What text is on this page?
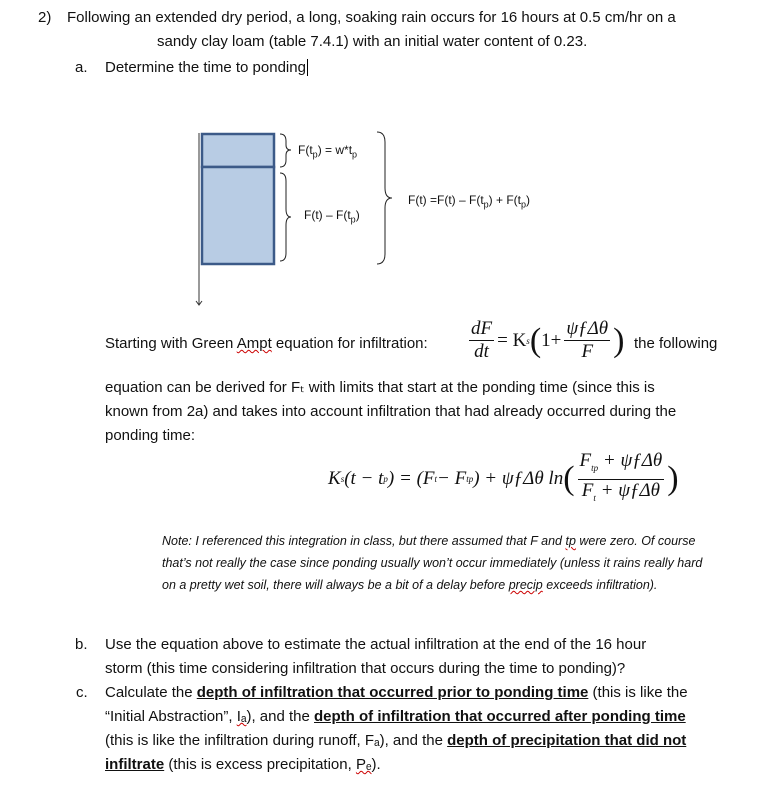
2) Following an extended dry period, a long, soaking rain occurs for 16 hours at 0.5 cm/hr on a
sandy clay loam (table 7.4.1) with an initial water content of 0.23.
a. Determine the time to ponding
$F(t_p) = w*t_p$
$F(t) - F(t_p)$
$F(t) =F(t) - F(t_p) + F(t_p)$
Starting with Green Ampt equation for infiltration: $\frac{dF}{dt} = K$ s ( $1+ \frac{\text{ψƒΔθ}}{F}$ ) the following
equation can be derived for Fₜ with limits that start at the ponding time (since this is
known from 2a) and takes into account infiltration that had already occurred during the
ponding time:
K s (t − t p ) = (F t − F tp ) + ψƒΔθ ln ( $\frac{F_{tp} + \psi ƒ\Delta\theta}{F_t + \psi ƒ\Delta\theta}$ )
Note: I referenced this integration in class, but there assumed that F and tp were zero. Of course
that’s not really the case since ponding usually won’t occur immediately (unless it rains really hard
on a pretty wet soil, there will always be a bit of a delay before precip exceeds infiltration).
b. Use the equation above to estimate the actual infiltration at the end of the 16 hour
storm (this time considering infiltration that occurs during the time to ponding)?
c. Calculate the depth of infiltration that occurred prior to ponding time (this is like the
“Initial Abstraction”, Iₐ), and the depth of infiltration that occurred after ponding time
(this is like the infiltration during runoff, Fₐ), and the depth of precipitation that did not
infiltrate (this is excess precipitation, Pₑ).
